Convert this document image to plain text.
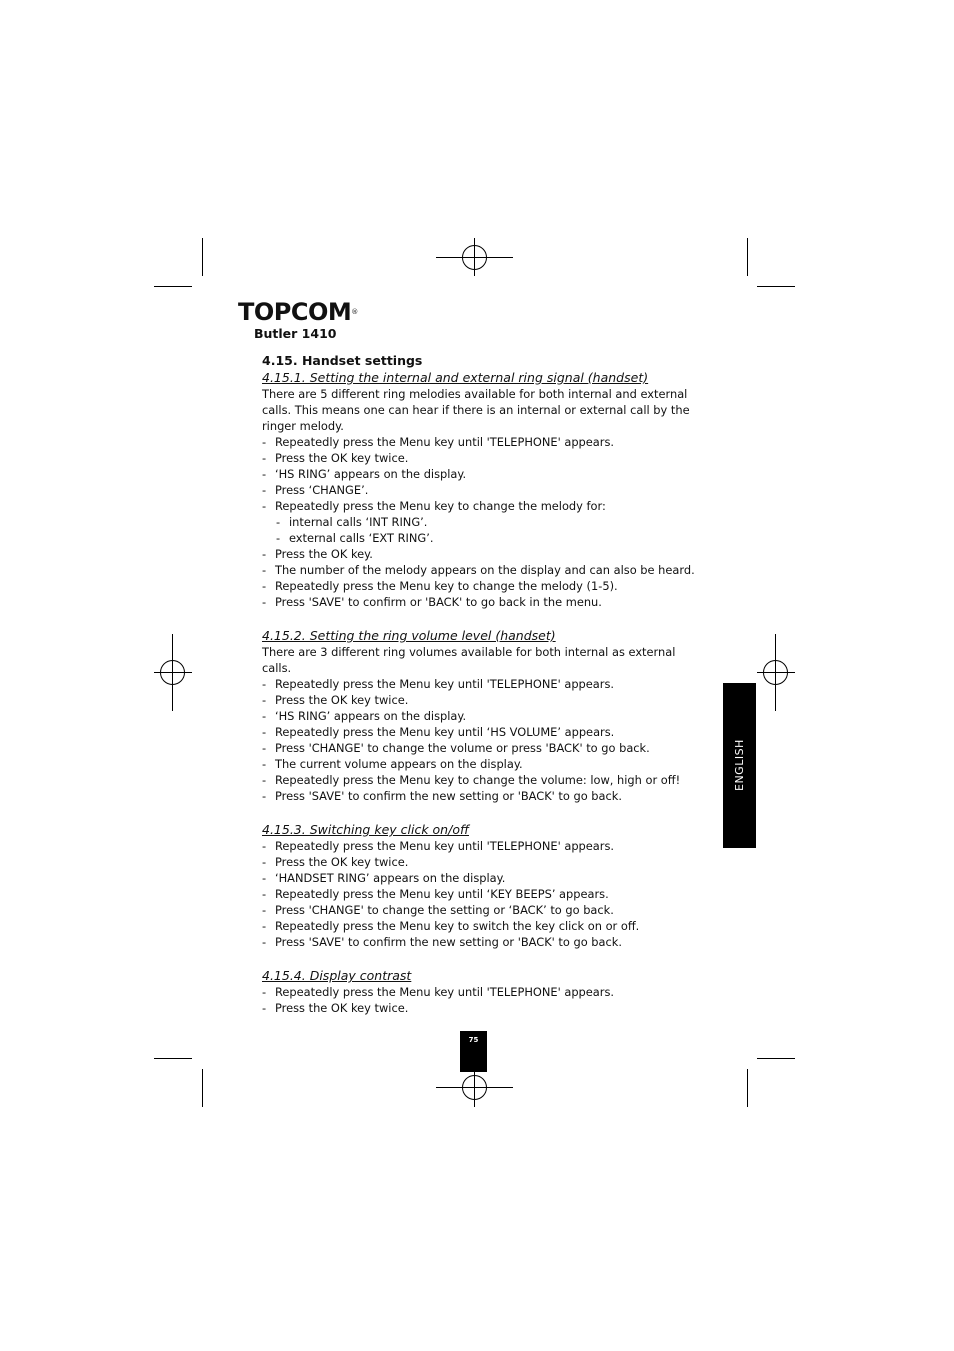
TOPCOM®
Butler 1410
4.15. Handset settings
4.15.1. Setting the internal and external ring signal (handset)

There are 5 different ring melodies available for both internal and external calls. This means one can hear if there is an internal or external call by the ringer melody.

- Repeatedly press the Menu key until 'TELEPHONE' appears.
- Press the OK key twice.
- ‘HS RING’ appears on the display.
- Press ‘CHANGE’.
- Repeatedly press the Menu key to change the melody for:
- internal calls ‘INT RING’.
- external calls ‘EXT RING’.
- Press the OK key.
- The number of the melody appears on the display and can also be heard.
- Repeatedly press the Menu key to change the melody (1-5).
- Press 'SAVE' to confirm or 'BACK' to go back in the menu.
4.15.2. Setting the ring volume level (handset)

There are 3 different ring volumes available for both internal as external calls.

- Repeatedly press the Menu key until 'TELEPHONE' appears.
- Press the OK key twice.
- ‘HS RING’ appears on the display.
- Repeatedly press the Menu key until ‘HS VOLUME’ appears.
- Press 'CHANGE' to change the volume or press 'BACK' to go back.
- The current volume appears on the display.
- Repeatedly press the Menu key to change the volume: low, high or off!
- Press 'SAVE' to confirm the new setting or 'BACK' to go back.
4.15.3. Switching key click on/off
- Repeatedly press the Menu key until 'TELEPHONE' appears.
- Press the OK key twice.
- ‘HANDSET RING’ appears on the display.
- Repeatedly press the Menu key until ‘KEY BEEPS’ appears.
- Press 'CHANGE' to change the setting or ‘BACK’ to go back.
- Repeatedly press the Menu key to switch the key click on or off.
- Press 'SAVE' to confirm the new setting or 'BACK' to go back.
4.15.4. Display contrast
- Repeatedly press the Menu key until 'TELEPHONE' appears.
- Press the OK key twice.
ENGLISH
75
